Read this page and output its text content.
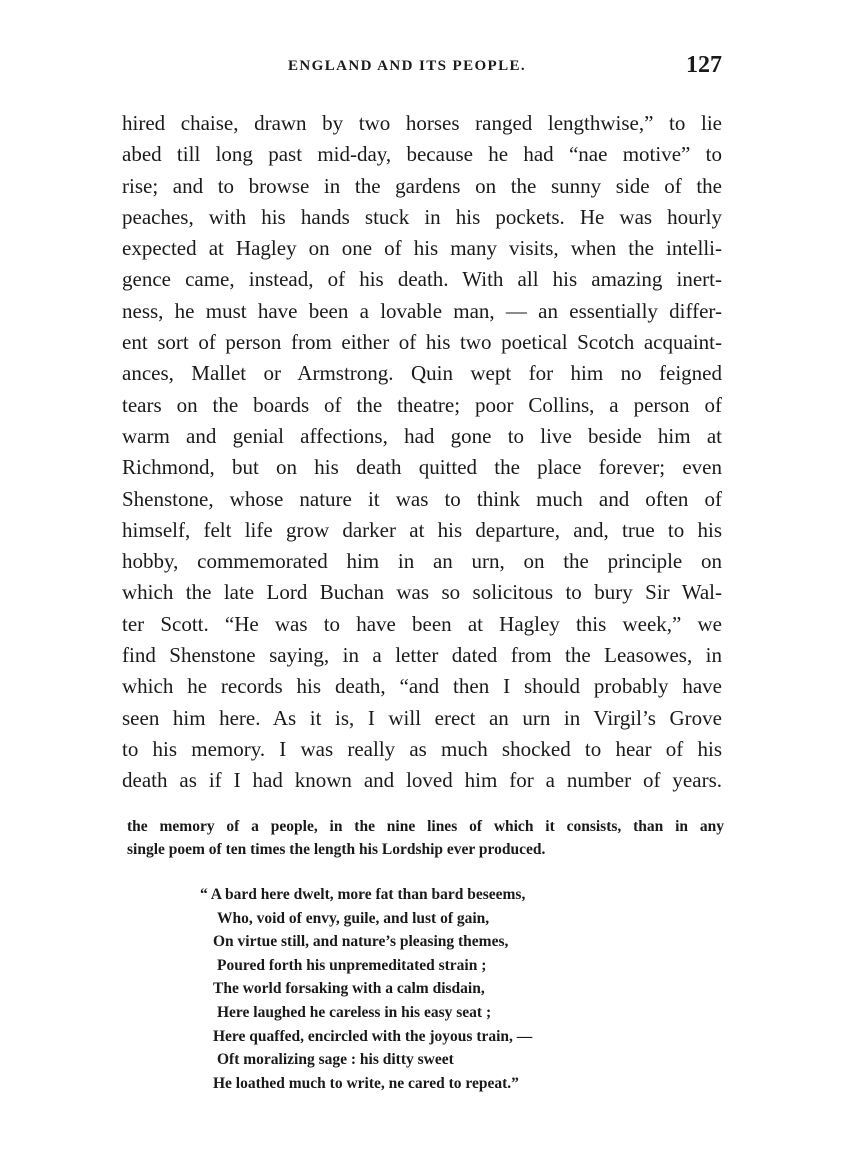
ENGLAND AND ITS PEOPLE.	127
hired chaise, drawn by two horses ranged lengthwise,” to lie
abed till long past mid-day, because he had “nae motive” to
rise; and to browse in the gardens on the sunny side of the
peaches, with his hands stuck in his pockets. He was hourly
expected at Hagley on one of his many visits, when the intelli-
gence came, instead, of his death. With all his amazing inert-
ness, he must have been a lovable man, — an essentially differ-
ent sort of person from either of his two poetical Scotch acquaint-
ances, Mallet or Armstrong. Quin wept for him no feigned
tears on the boards of the theatre; poor Collins, a person of
warm and genial affections, had gone to live beside him at
Richmond, but on his death quitted the place forever; even
Shenstone, whose nature it was to think much and often of
himself, felt life grow darker at his departure, and, true to his
hobby, commemorated him in an urn, on the principle on
which the late Lord Buchan was so solicitous to bury Sir Wal-
ter Scott. “He was to have been at Hagley this week,” we
find Shenstone saying, in a letter dated from the Leasowes, in
which he records his death, “and then I should probably have
seen him here. As it is, I will erect an urn in Virgil’s Grove
to his memory. I was really as much shocked to hear of his
death as if I had known and loved him for a number of years.
the memory of a people, in the nine lines of which it consists, than in any
single poem of ten times the length his Lordship ever produced.
“ A bard here dwelt, more fat than bard beseems,
Who, void of envy, guile, and lust of gain,
On virtue still, and nature’s pleasing themes,
Poured forth his unpremeditated strain ;
The world forsaking with a calm disdain,
Here laughed he careless in his easy seat ;
Here quaffed, encircled with the joyous train, —
Oft moralizing sage : his ditty sweet
He loathed much to write, ne cared to repeat.”
